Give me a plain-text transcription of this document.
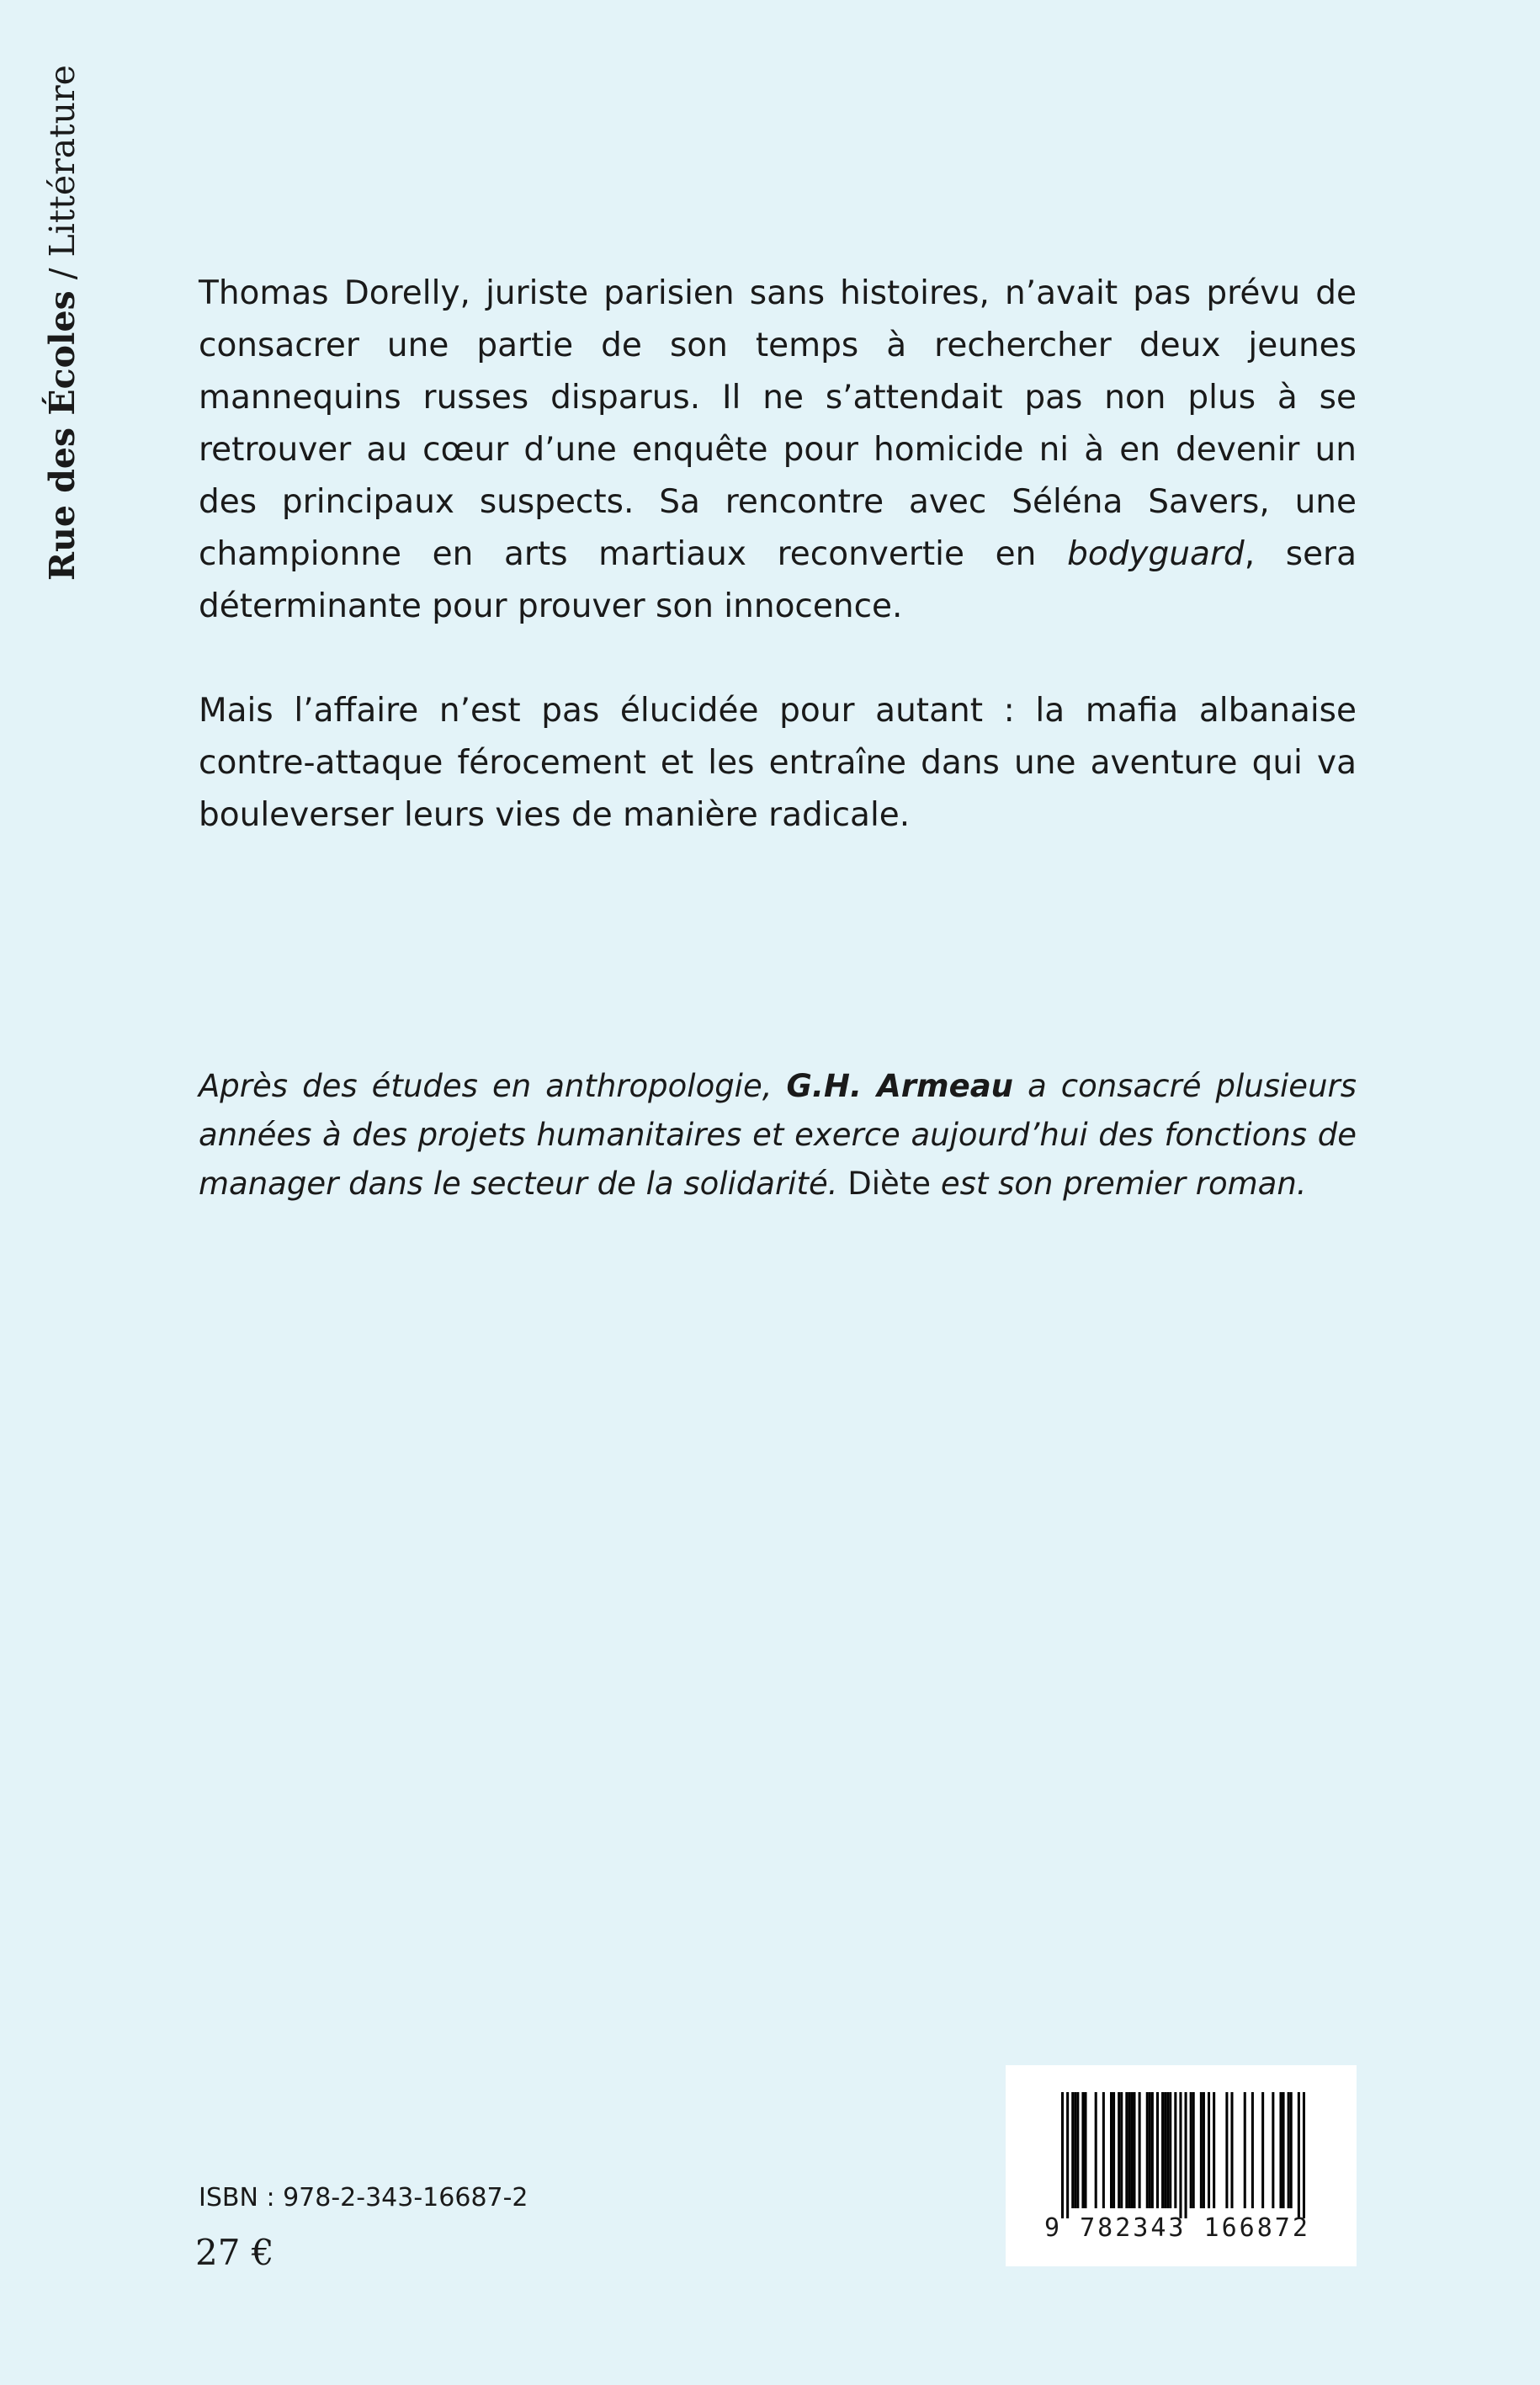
Rue des Écoles / Littérature

Thomas Dorelly, juriste parisien sans histoires, n’avait pas prévu de consacrer une partie de son temps à rechercher deux jeunes mannequins russes disparus. Il ne s’attendait pas non plus à se retrouver au cœur d’une enquête pour homicide ni à en devenir un des principaux suspects. Sa rencontre avec Séléna Savers, une championne en arts martiaux reconvertie en bodyguard, sera déterminante pour prouver son innocence.

Mais l’affaire n’est pas élucidée pour autant : la mafia albanaise contre-attaque férocement et les entraîne dans une aventure qui va bouleverser leurs vies de manière radicale.

Après des études en anthropologie, G.H. Armeau a consacré plusieurs années à des projets humanitaires et exerce aujourd’hui des fonctions de manager dans le secteur de la solidarité. Diète est son premier roman.

ISBN : 978-2-343-16687-2
27 €
9 782343 166872
